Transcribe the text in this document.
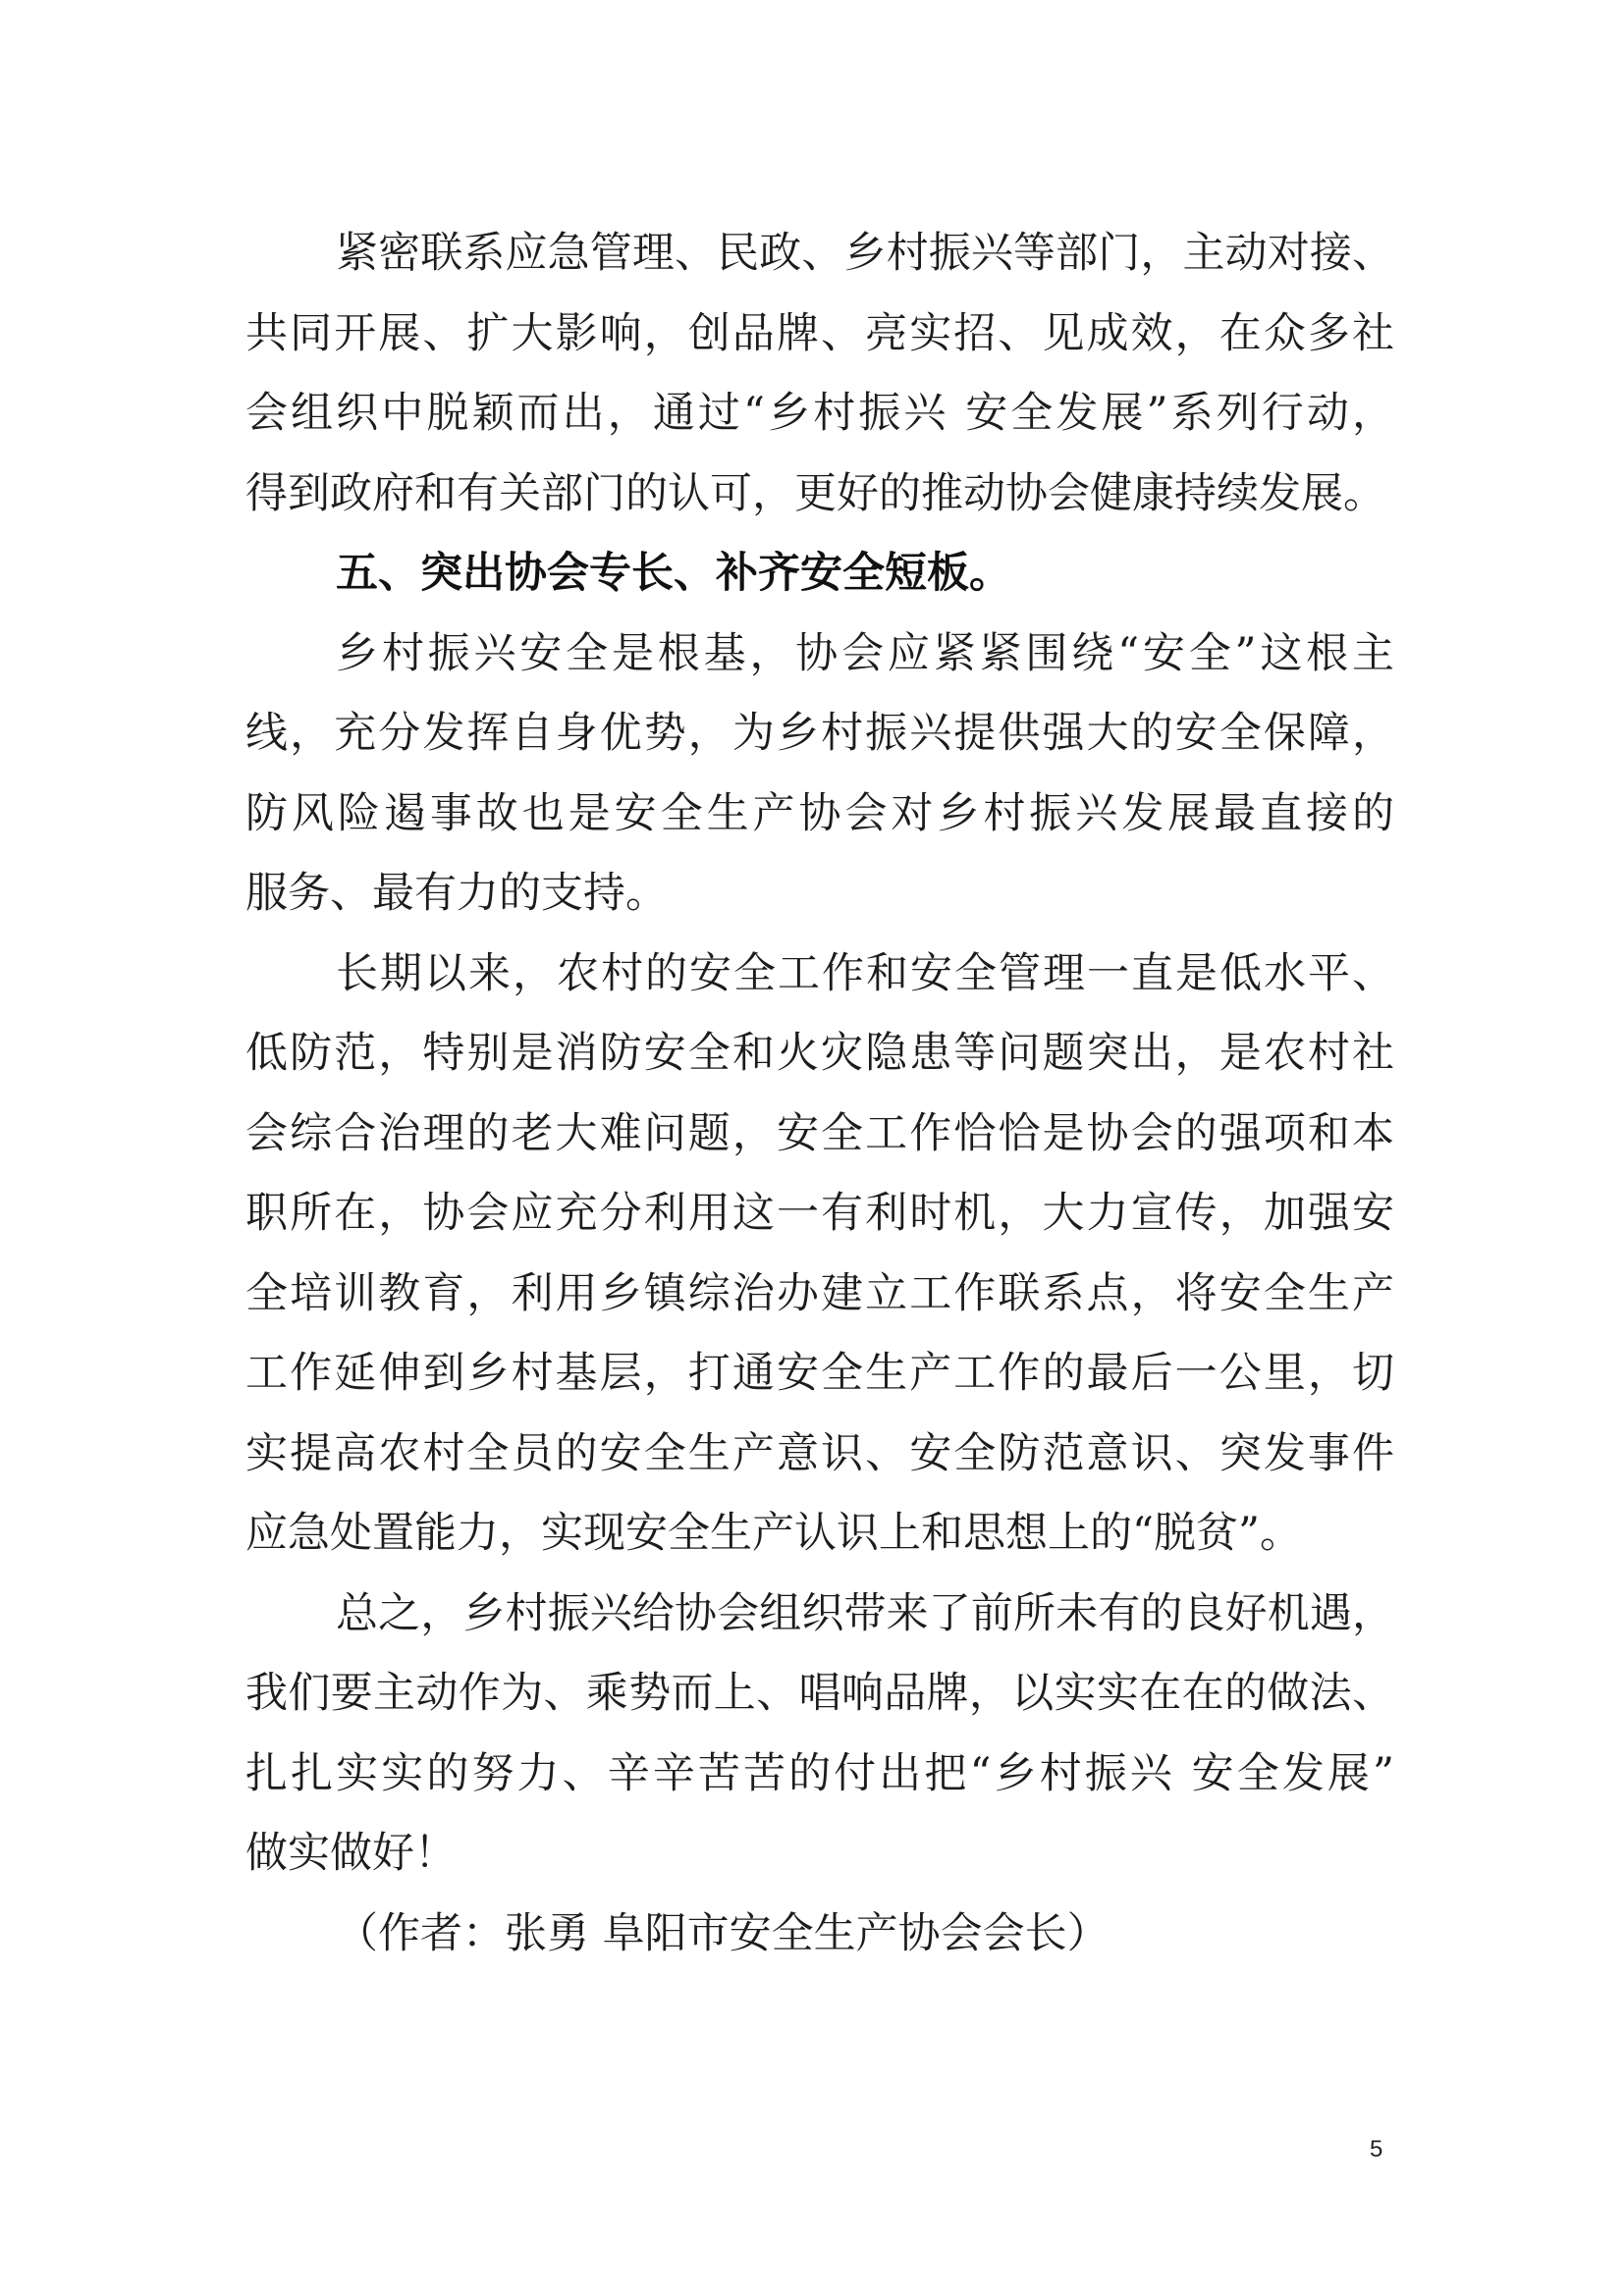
紧密联系应急管理、民政、乡村振兴等部门，主动对接、
共同开展、扩大影响，创品牌、亮实招、见成效，在众多社
会组织中脱颖而出，通过“乡村振兴 安全发展”系列行动，
得到政府和有关部门的认可，更好的推动协会健康持续发展。
五、突出协会专长、补齐安全短板。
乡村振兴安全是根基，协会应紧紧围绕“安全”这根主
线，充分发挥自身优势，为乡村振兴提供强大的安全保障，
防风险遏事故也是安全生产协会对乡村振兴发展最直接的
服务、最有力的支持。
长期以来，农村的安全工作和安全管理一直是低水平、
低防范，特别是消防安全和火灾隐患等问题突出，是农村社
会综合治理的老大难问题，安全工作恰恰是协会的强项和本
职所在，协会应充分利用这一有利时机，大力宣传，加强安
全培训教育，利用乡镇综治办建立工作联系点，将安全生产
工作延伸到乡村基层，打通安全生产工作的最后一公里，切
实提高农村全员的安全生产意识、安全防范意识、突发事件
应急处置能力，实现安全生产认识上和思想上的“脱贫”。
总之，乡村振兴给协会组织带来了前所未有的良好机遇，
我们要主动作为、乘势而上、唱响品牌，以实实在在的做法、
扎扎实实的努力、辛辛苦苦的付出把“乡村振兴 安全发展”
做实做好！
（作者：张勇 阜阳市安全生产协会会长）
5
